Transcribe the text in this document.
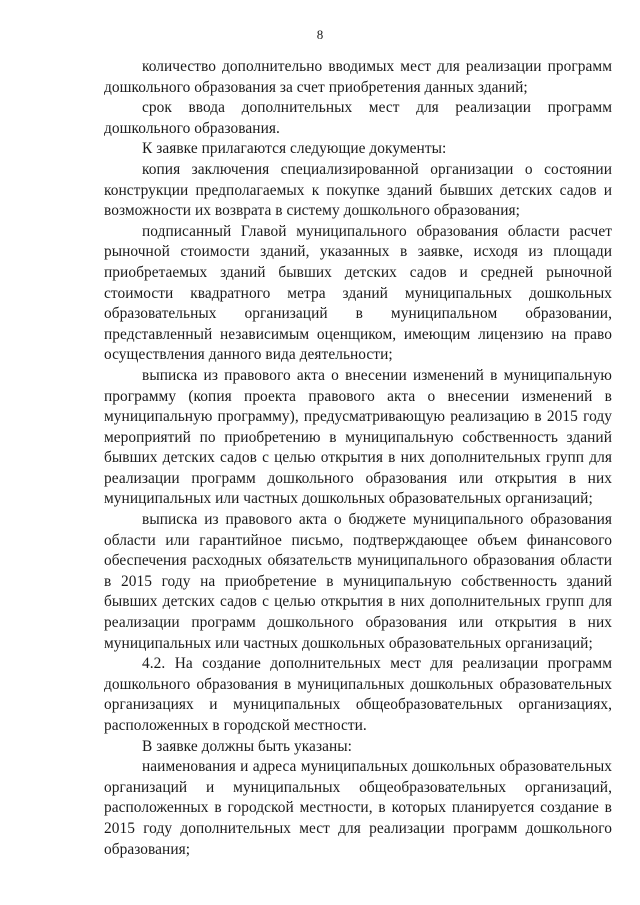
8

количество дополнительно вводимых мест для реализации программ дошкольного образования за счет приобретения данных зданий;

срок ввода дополнительных мест для реализации программ дошкольного образования.

К заявке прилагаются следующие документы:

копия заключения специализированной организации о состоянии конструкции предполагаемых к покупке зданий бывших детских садов и возможности их возврата в систему дошкольного образования;

подписанный Главой муниципального образования области расчет рыночной стоимости зданий, указанных в заявке, исходя из площади приобретаемых зданий бывших детских садов и средней рыночной стоимости квадратного метра зданий муниципальных дошкольных образовательных организаций в муниципальном образовании, представленный независимым оценщиком, имеющим лицензию на право осуществления данного вида деятельности;

выписка из правового акта о внесении изменений в муниципальную программу (копия проекта правового акта о внесении изменений в муниципальную программу), предусматривающую реализацию в 2015 году мероприятий по приобретению в муниципальную собственность зданий бывших детских садов с целью открытия в них дополнительных групп для реализации программ дошкольного образования или открытия в них муниципальных или частных дошкольных образовательных организаций;

выписка из правового акта о бюджете муниципального образования области или гарантийное письмо, подтверждающее объем финансового обеспечения расходных обязательств муниципального образования области в 2015 году на приобретение в муниципальную собственность зданий бывших детских садов с целью открытия в них дополнительных групп для реализации программ дошкольного образования или открытия в них муниципальных или частных дошкольных образовательных организаций;

4.2. На создание дополнительных мест для реализации программ дошкольного образования в муниципальных дошкольных образовательных организациях и муниципальных общеобразовательных организациях, расположенных в городской местности.

В заявке должны быть указаны:

наименования и адреса муниципальных дошкольных образовательных организаций и муниципальных общеобразовательных организаций, расположенных в городской местности, в которых планируется создание в 2015 году дополнительных мест для реализации программ дошкольного образования;
